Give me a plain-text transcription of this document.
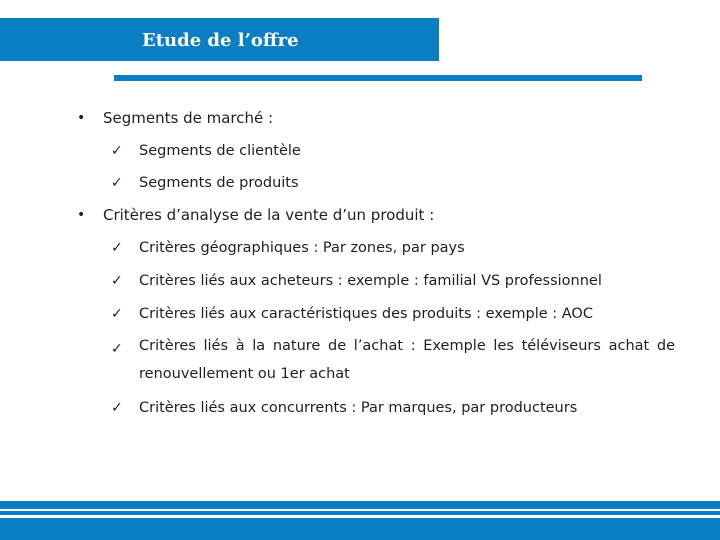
Etude de l’offre
• Segments de marché :
✓ Segments de clientèle
✓ Segments de produits
• Critères d’analyse de la vente d’un produit :
✓ Critères géographiques : Par zones, par pays
✓ Critères liés aux acheteurs : exemple : familial VS professionnel
✓ Critères liés aux caractéristiques des produits : exemple : AOC
✓ Critères liés à la nature de l’achat : Exemple les téléviseurs achat de renouvellement ou 1er achat
✓ Critères liés aux concurrents : Par marques, par producteurs
